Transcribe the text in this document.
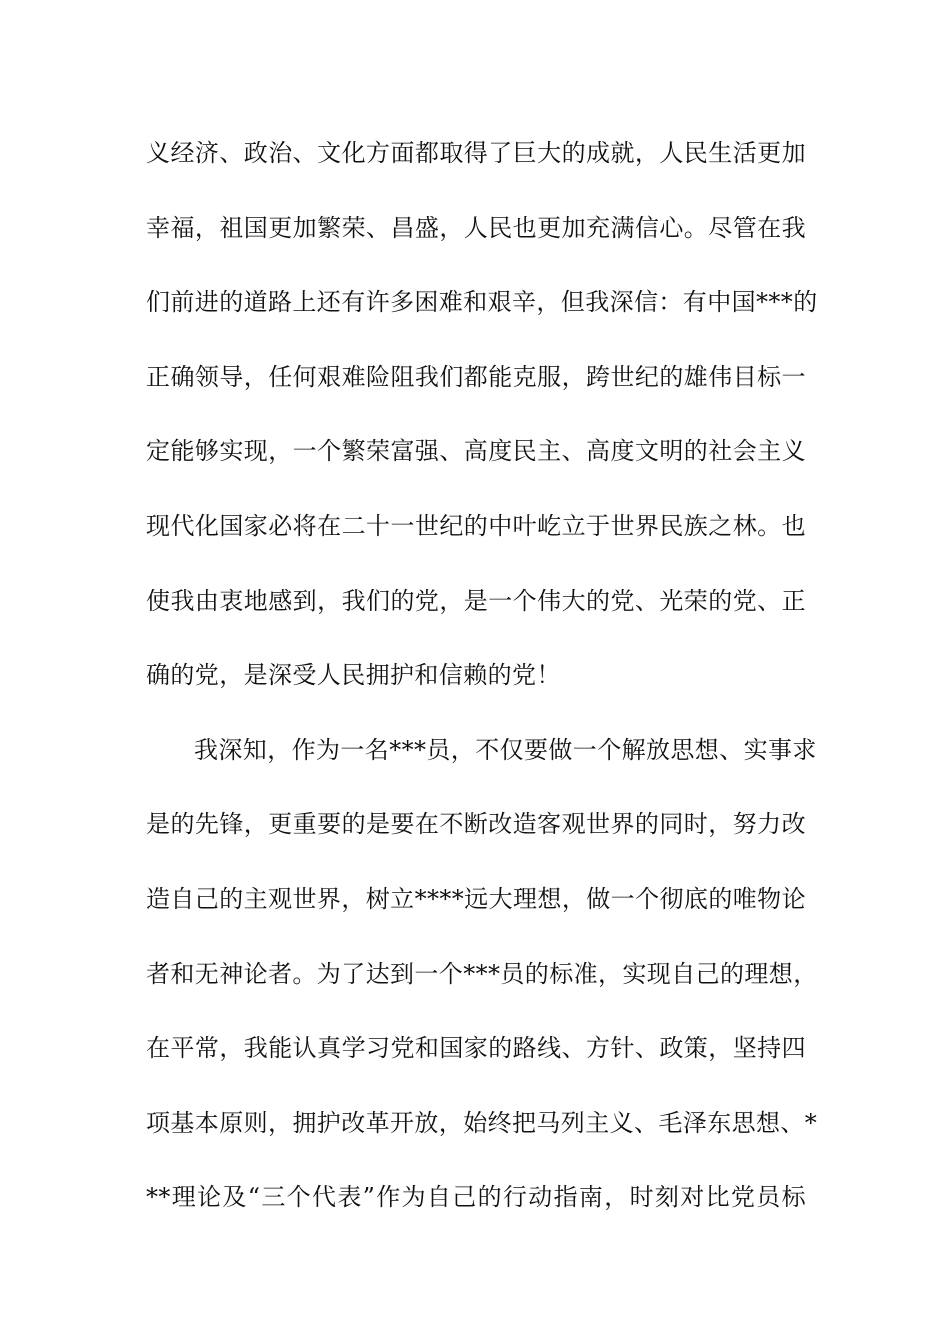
义经济、政治、文化方面都取得了巨大的成就，人民生活更加
幸福，祖国更加繁荣、昌盛，人民也更加充满信心。尽管在我
们前进的道路上还有许多困难和艰辛，但我深信：有中国***的
正确领导，任何艰难险阻我们都能克服，跨世纪的雄伟目标一
定能够实现，一个繁荣富强、高度民主、高度文明的社会主义
现代化国家必将在二十一世纪的中叶屹立于世界民族之林。也
使我由衷地感到，我们的党，是一个伟大的党、光荣的党、正
确的党，是深受人民拥护和信赖的党！
我深知，作为一名***员，不仅要做一个解放思想、实事求
是的先锋，更重要的是要在不断改造客观世界的同时，努力改
造自己的主观世界，树立****远大理想，做一个彻底的唯物论
者和无神论者。为了达到一个***员的标准，实现自己的理想，
在平常，我能认真学习党和国家的路线、方针、政策，坚持四
项基本原则，拥护改革开放，始终把马列主义、毛泽东思想、*
**理论及“三个代表”作为自己的行动指南，时刻对比党员标
